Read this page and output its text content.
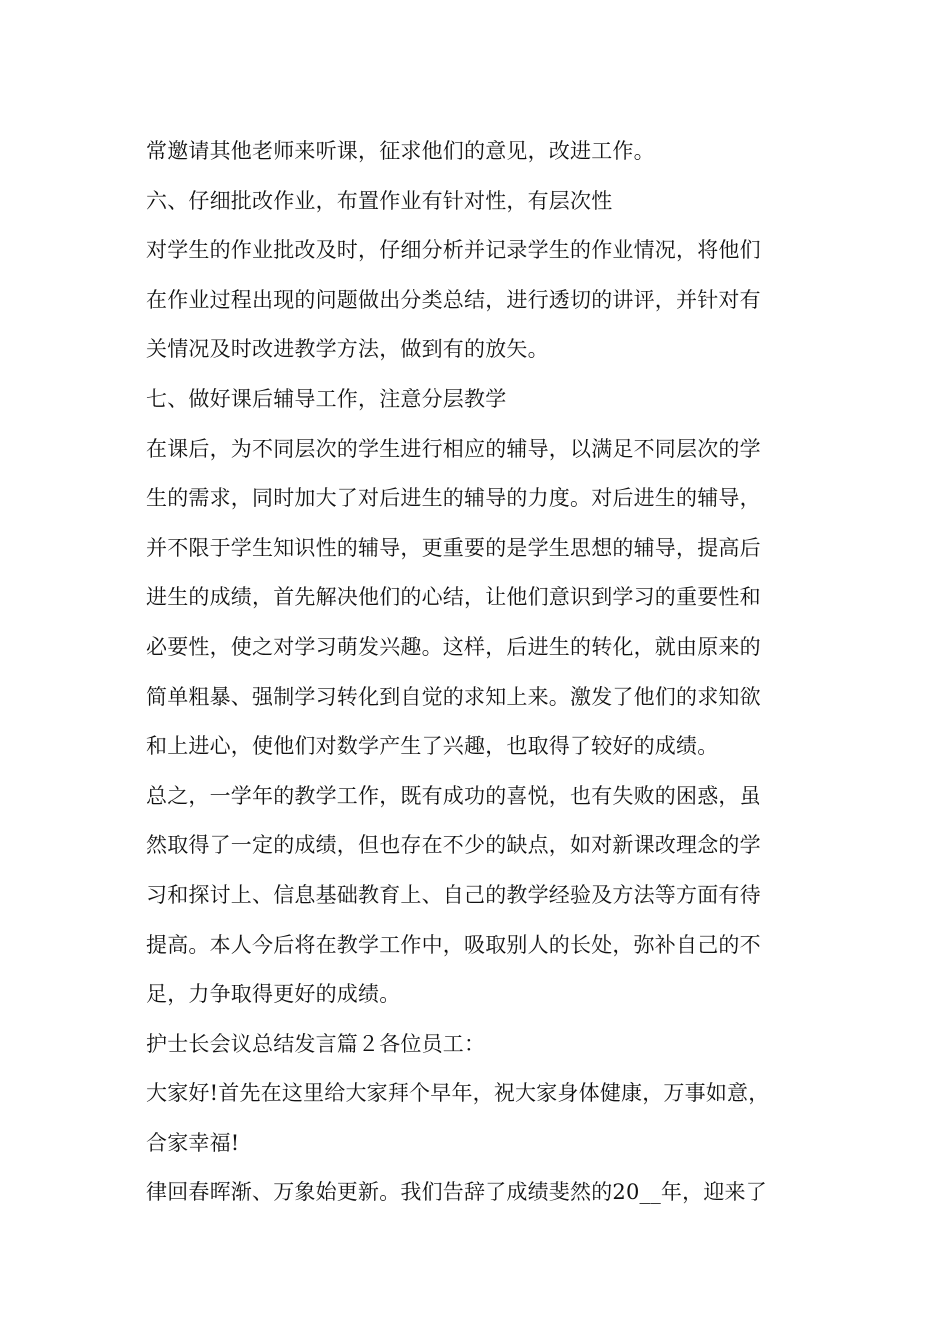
常邀请其他老师来听课，征求他们的意见，改进工作。
六、仔细批改作业，布置作业有针对性，有层次性
对学生的作业批改及时，仔细分析并记录学生的作业情况，将他们
在作业过程出现的问题做出分类总结，进行透切的讲评，并针对有
关情况及时改进教学方法，做到有的放矢。
七、做好课后辅导工作，注意分层教学
在课后，为不同层次的学生进行相应的辅导，以满足不同层次的学
生的需求，同时加大了对后进生的辅导的力度。对后进生的辅导，
并不限于学生知识性的辅导，更重要的是学生思想的辅导，提高后
进生的成绩，首先解决他们的心结，让他们意识到学习的重要性和
必要性，使之对学习萌发兴趣。这样，后进生的转化，就由原来的
简单粗暴、强制学习转化到自觉的求知上来。激发了他们的求知欲
和上进心，使他们对数学产生了兴趣，也取得了较好的成绩。
总之，一学年的教学工作，既有成功的喜悦，也有失败的困惑，虽
然取得了一定的成绩，但也存在不少的缺点，如对新课改理念的学
习和探讨上、信息基础教育上、自己的教学经验及方法等方面有待
提高。本人今后将在教学工作中，吸取别人的长处，弥补自己的不
足，力争取得更好的成绩。
护士长会议总结发言篇２各位员工：
大家好!首先在这里给大家拜个早年，祝大家身体健康，万事如意，
合家幸福!
律回春晖渐、万象始更新。我们告辞了成绩斐然的20__年，迎来了
